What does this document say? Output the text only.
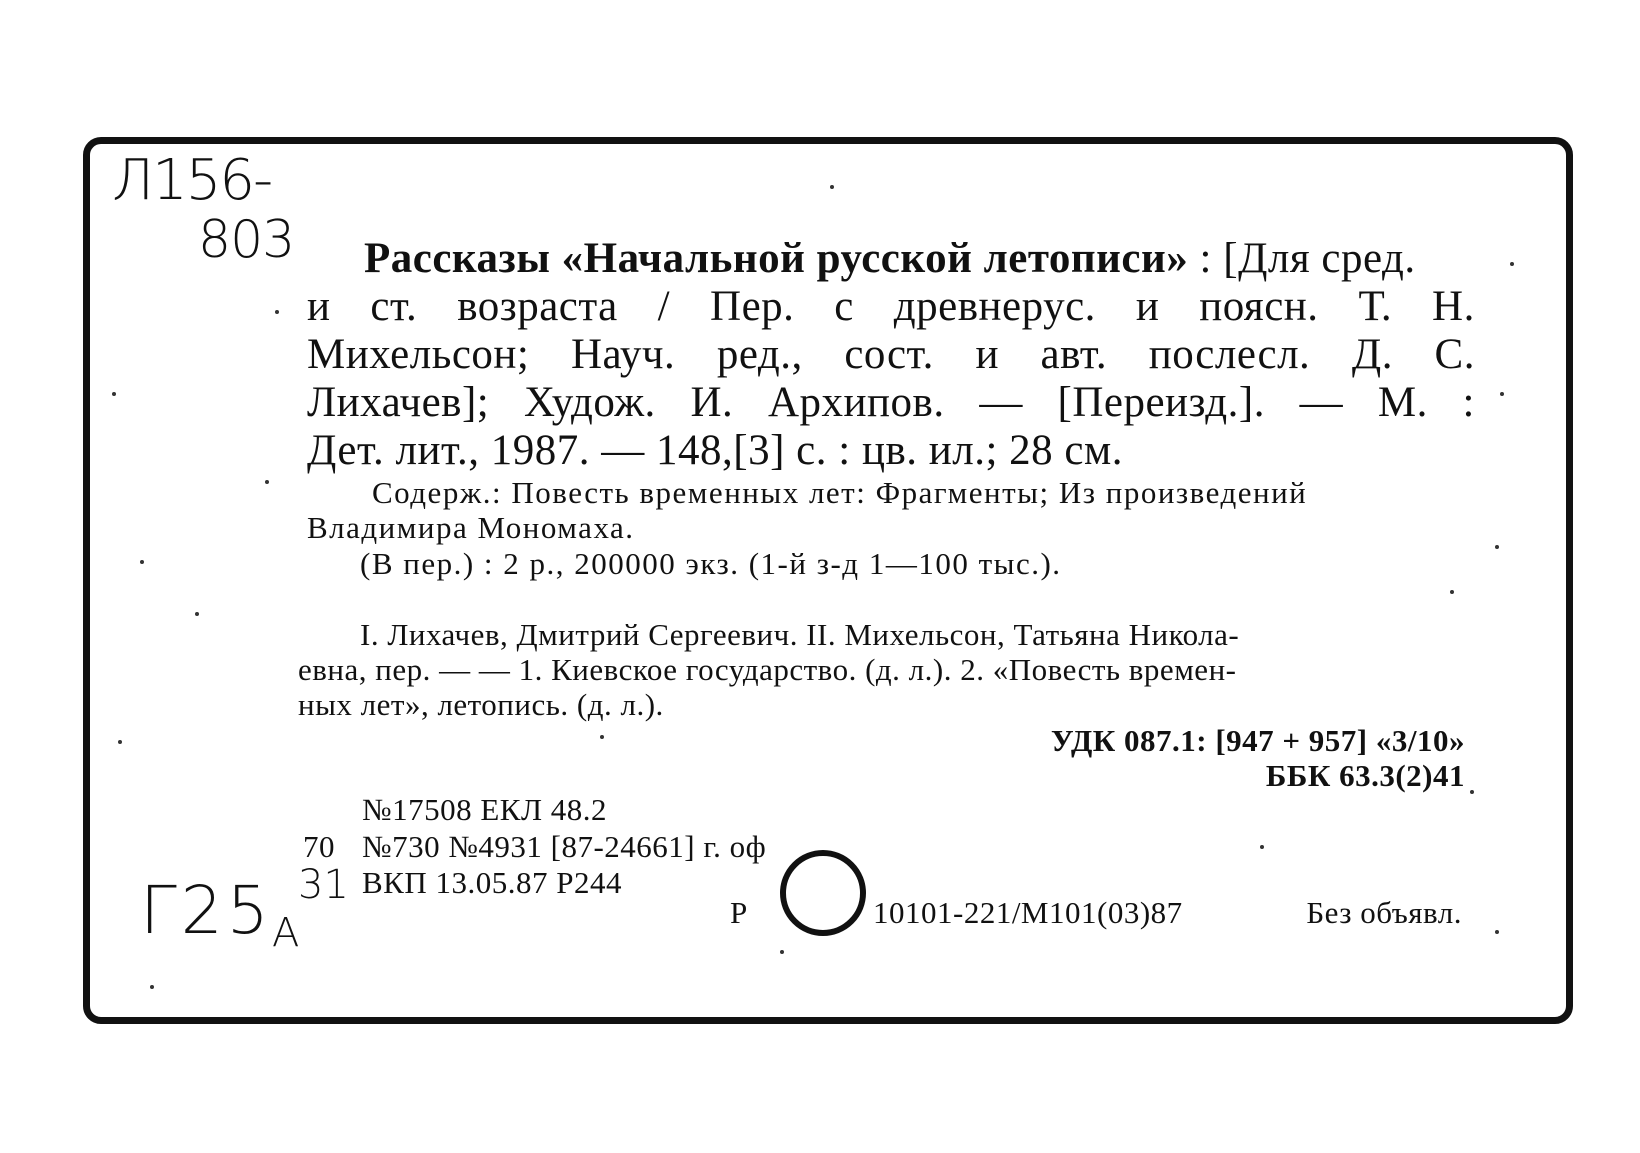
Л156-
803 Рассказы «Начальной русской летописи» : [Для сред.
и ст. возраста / Пер. с древнерус. и поясн. Т. Н.
Михельсон; Науч. ред., сост. и авт. послесл. Д. С.
Лихачев]; Худож. И. Архипов. — [Переизд.]. — М. :
Дет. лит., 1987. — 148,[3] с. : цв. ил.; 28 см.
Содерж.: Повесть временных лет: Фрагменты; Из произведений
Владимира Мономаха.
(В пер.) : 2 р., 200000 экз. (1-й з-д 1—100 тыс.).
I. Лихачев, Дмитрий Сергеевич. II. Михельсон, Татьяна Никола-
евна, пер. — — 1. Киевское государство. (д. л.). 2. «Повесть времен-
ных лет», летопись. (д. л.).
УДК 087.1: [947 + 957] «3/10»
ББК 63.3(2)41
№17508 ЕКЛ 48.2
70 №730 №4931 [87-24661] г. оф
ВКП 13.05.87 Р244
Г25 А
31
Р	10101-221/М101(03)87	Без объявл.
